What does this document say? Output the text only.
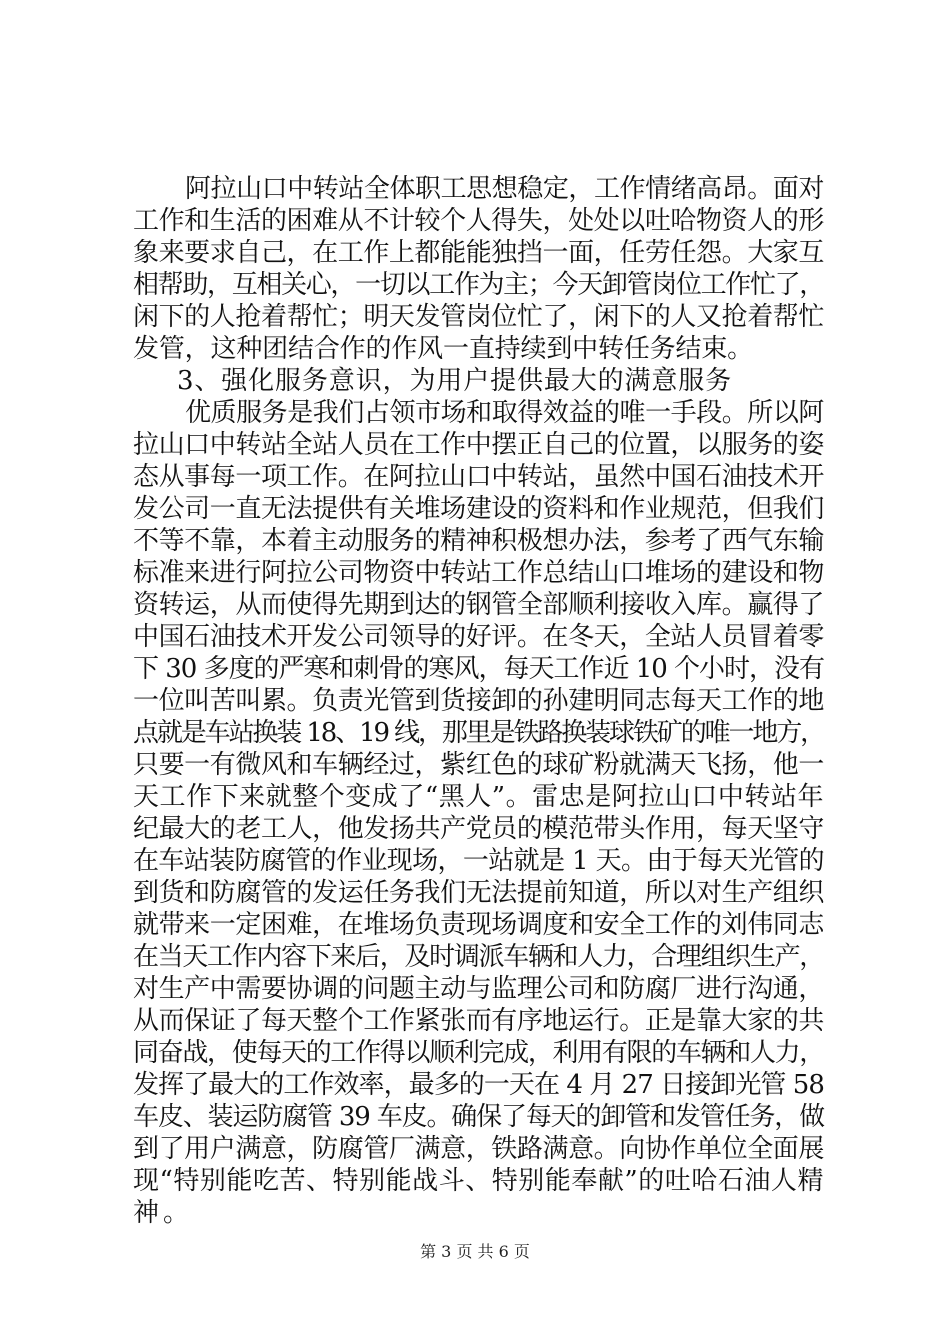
阿拉山口中转站全体职工思想稳定，工作情绪高昂。面对
工作和生活的困难从不计较个人得失，处处以吐哈物资人的形
象来要求自己，在工作上都能能独挡一面，任劳任怨。大家互
相帮助，互相关心，一切以工作为主；今天卸管岗位工作忙了，
闲下的人抢着帮忙；明天发管岗位忙了，闲下的人又抢着帮忙
发管，这种团结合作的作风一直持续到中转任务结束。
3、强化服务意识，为用户提供最大的满意服务
优质服务是我们占领市场和取得效益的唯一手段。所以阿
拉山口中转站全站人员在工作中摆正自己的位置，以服务的姿
态从事每一项工作。在阿拉山口中转站，虽然中国石油技术开
发公司一直无法提供有关堆场建设的资料和作业规范，但我们
不等不靠，本着主动服务的精神积极想办法，参考了西气东输
标准来进行阿拉公司物资中转站工作总结山口堆场的建设和物
资转运，从而使得先期到达的钢管全部顺利接收入库。赢得了
中国石油技术开发公司领导的好评。在冬天，全站人员冒着零
下 30 多度的严寒和刺骨的寒风，每天工作近 10 个小时，没有
一位叫苦叫累。负责光管到货接卸的孙建明同志每天工作的地
点就是车站换装 18、19 线，那里是铁路换装球铁矿的唯一地方，
只要一有微风和车辆经过，紫红色的球矿粉就满天飞扬，他一
天工作下来就整个变成了“黑人”。雷忠是阿拉山口中转站年
纪最大的老工人，他发扬共产党员的模范带头作用，每天坚守
在车站装防腐管的作业现场，一站就是 1 天。由于每天光管的
到货和防腐管的发运任务我们无法提前知道，所以对生产组织
就带来一定困难，在堆场负责现场调度和安全工作的刘伟同志
在当天工作内容下来后，及时调派车辆和人力，合理组织生产，
对生产中需要协调的问题主动与监理公司和防腐厂进行沟通，
从而保证了每天整个工作紧张而有序地运行。正是靠大家的共
同奋战，使每天的工作得以顺利完成，利用有限的车辆和人力，
发挥了最大的工作效率，最多的一天在 4 月 27 日接卸光管 58
车皮、装运防腐管 39 车皮。确保了每天的卸管和发管任务，做
到了用户满意，防腐管厂满意，铁路满意。向协作单位全面展
现“特别能吃苦、特别能战斗、特别能奉献”的吐哈石油人精
神。
第 3 页 共 6 页
